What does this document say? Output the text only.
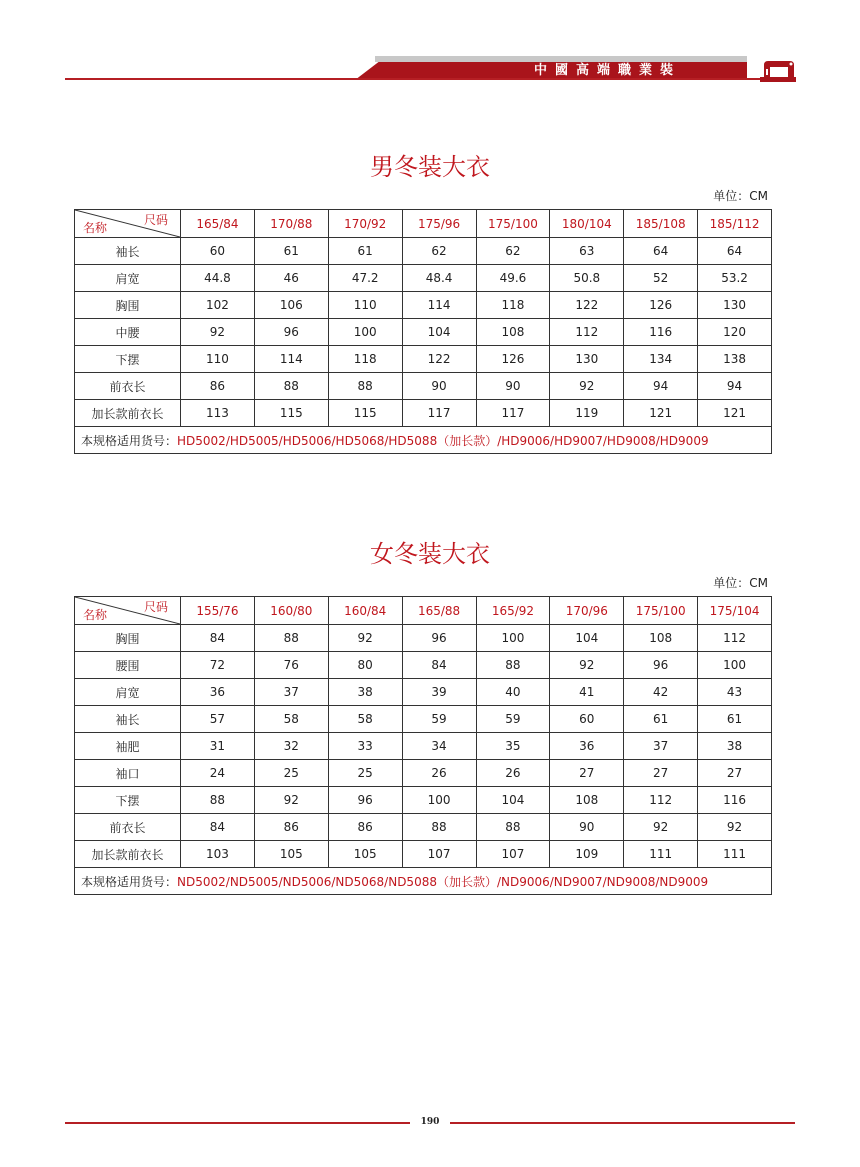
中國高端職業裝
男冬装大衣
单位：CM
尺码
名称	165/84	170/88	170/92	175/96	175/100	180/104	185/108	185/112
袖长	60	61	61	62	62	63	64	64
肩宽	44.8	46	47.2	48.4	49.6	50.8	52	53.2
胸围	102	106	110	114	118	122	126	130
中腰	92	96	100	104	108	112	116	120
下摆	110	114	118	122	126	130	134	138
前衣长	86	88	88	90	90	92	94	94
加长款前衣长	113	115	115	117	117	119	121	121
本规格适用货号：HD5002/HD5005/HD5006/HD5068/HD5088（加长款）/HD9006/HD9007/HD9008/HD9009								
女冬装大衣
单位：CM
尺码
名称	155/76	160/80	160/84	165/88	165/92	170/96	175/100	175/104
胸围	84	88	92	96	100	104	108	112
腰围	72	76	80	84	88	92	96	100
肩宽	36	37	38	39	40	41	42	43
袖长	57	58	58	59	59	60	61	61
袖肥	31	32	33	34	35	36	37	38
袖口	24	25	25	26	26	27	27	27
下摆	88	92	96	100	104	108	112	116
前衣长	84	86	86	88	88	90	92	92
加长款前衣长	103	105	105	107	107	109	111	111
本规格适用货号：ND5002/ND5005/ND5006/ND5068/ND5088（加长款）/ND9006/ND9007/ND9008/ND9009								
190
